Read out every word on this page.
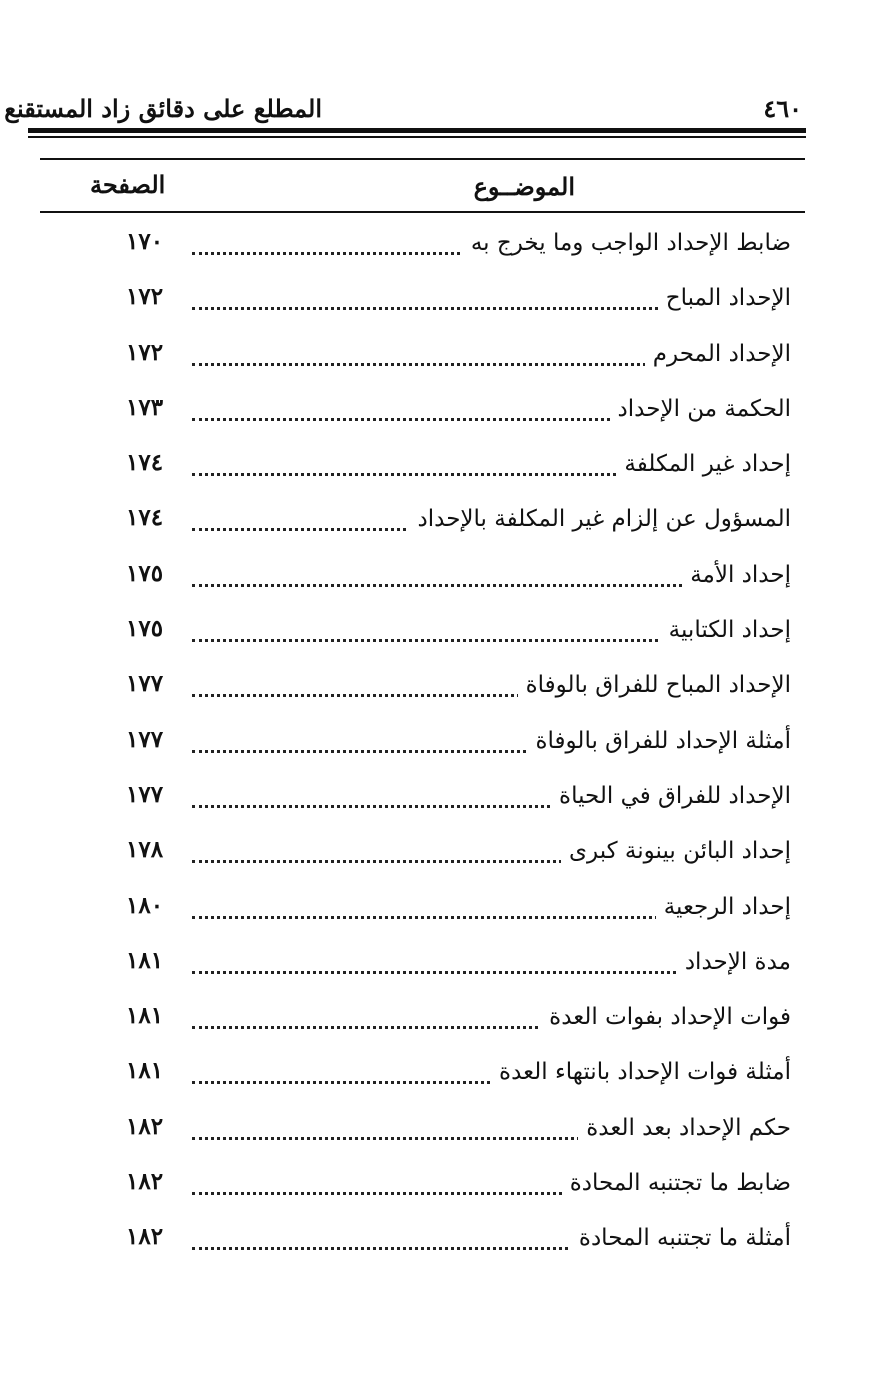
المطلع على دقائق زاد المستقنع	٤٦٠
الموضــوع
الصفحة
ضابط الإحداد الواجب وما يخرج به
١٧٠
الإحداد المباح
١٧٢
الإحداد المحرم
١٧٢
الحكمة من الإحداد
١٧٣
إحداد غير المكلفة
١٧٤
المسؤول عن إلزام غير المكلفة بالإحداد
١٧٤
إحداد الأمة
١٧٥
إحداد الكتابية
١٧٥
الإحداد المباح للفراق بالوفاة
١٧٧
أمثلة الإحداد للفراق بالوفاة
١٧٧
الإحداد للفراق في الحياة
١٧٧
إحداد البائن بينونة كبرى
١٧٨
إحداد الرجعية
١٨٠
مدة الإحداد
١٨١
فوات الإحداد بفوات العدة
١٨١
أمثلة فوات الإحداد بانتهاء العدة
١٨١
حكم الإحداد بعد العدة
١٨٢
ضابط ما تجتنبه المحادة
١٨٢
أمثلة ما تجتنبه المحادة
١٨٢
